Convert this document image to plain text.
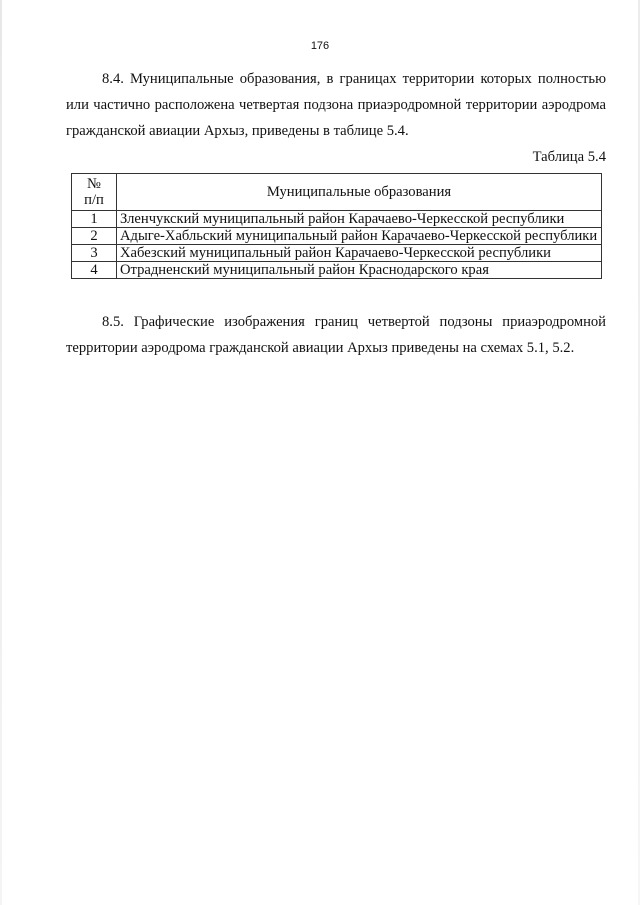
176

8.4. Муниципальные образования, в границах территории которых полностью или частично расположена четвертая подзона приаэродромной территории аэродрома гражданской авиации Архыз, приведены в таблице 5.4.

Таблица 5.4
№
п/п	Муниципальные образования
1	Зленчукский муниципальный район Карачаево-Черкесской республики
2	Адыге-Хабльский муниципальный район Карачаево-Черкесской республики
3	Хабезский муниципальный район Карачаево-Черкесской республики
4	Отрадненский муниципальный район Краснодарского края

8.5. Графические изображения границ четвертой подзоны приаэродромной территории аэродрома гражданской авиации Архыз приведены на схемах 5.1, 5.2.
